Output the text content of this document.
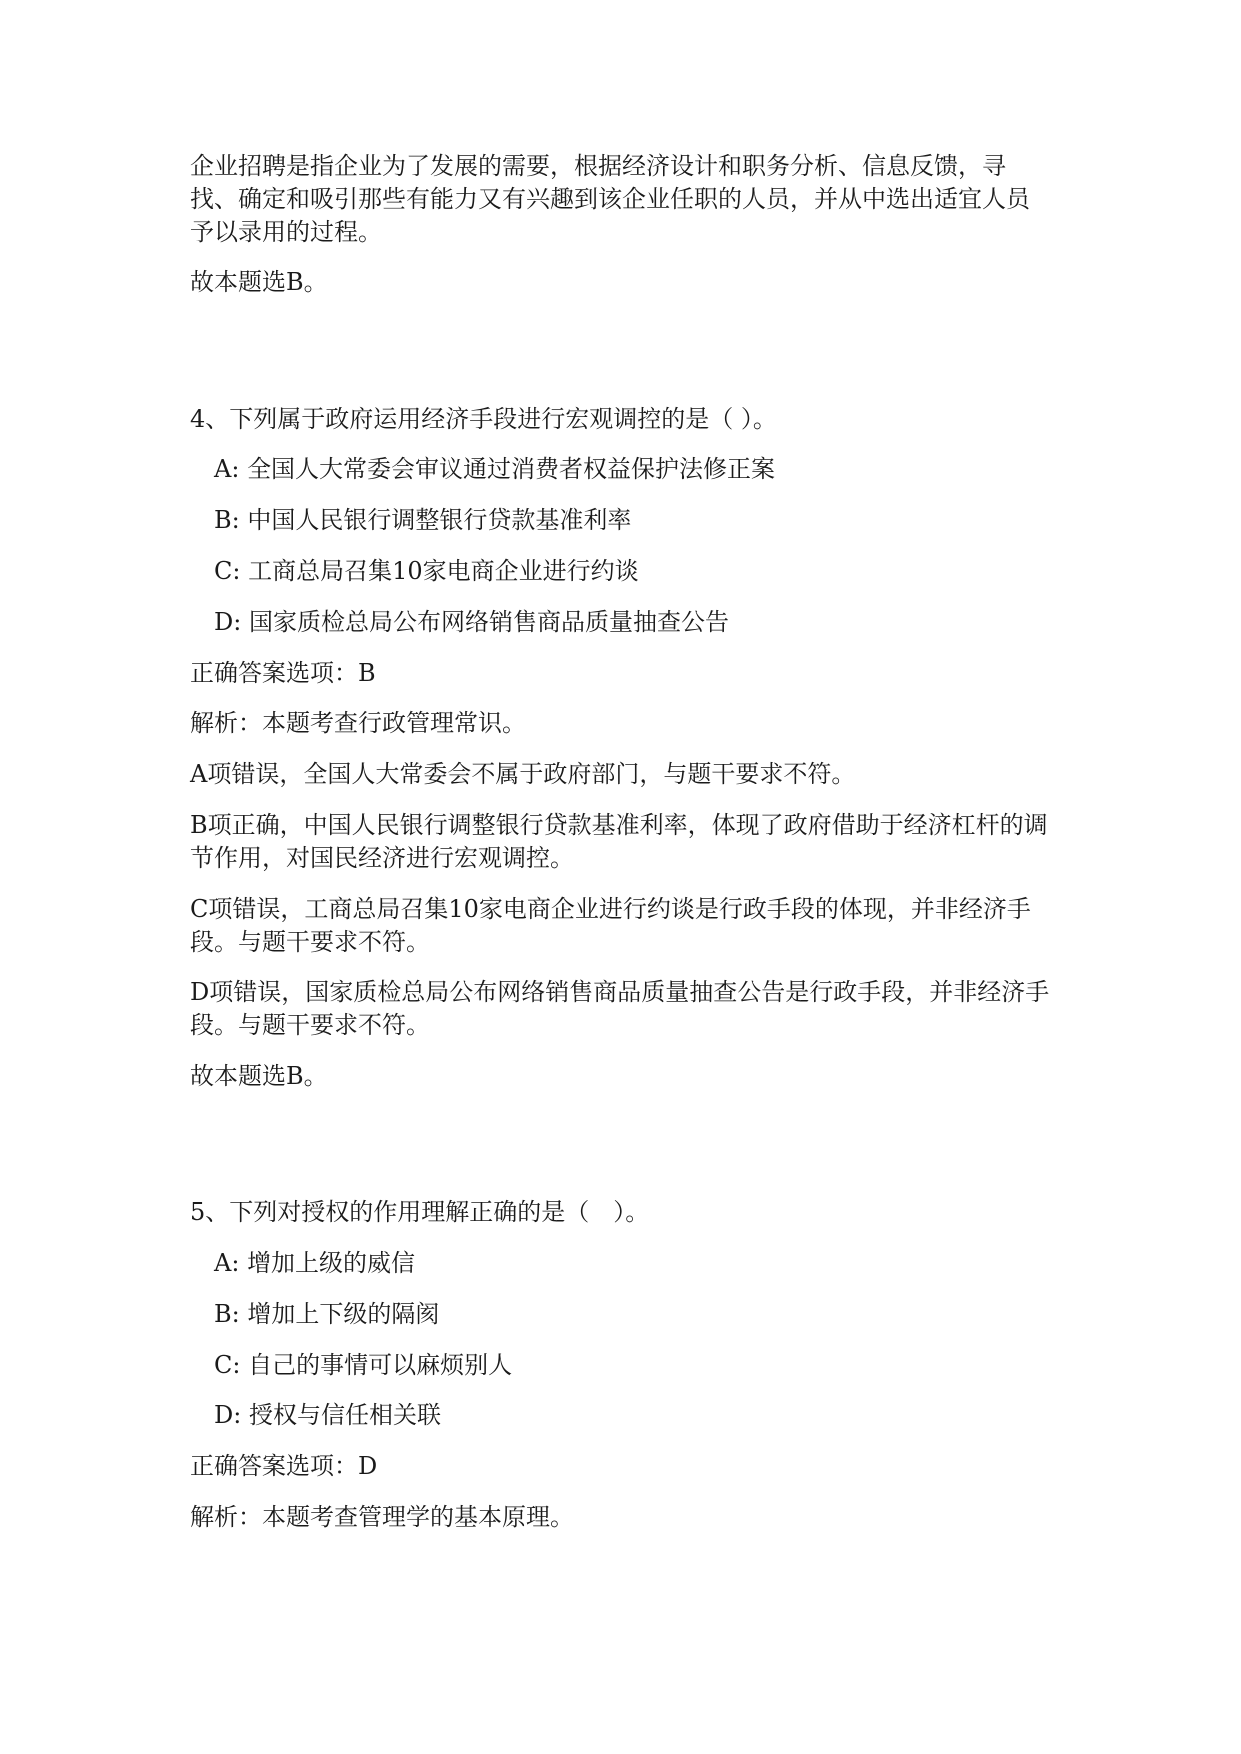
企业招聘是指企业为了发展的需要，根据经济设计和职务分析、信息反馈，寻找、确定和吸引那些有能力又有兴趣到该企业任职的人员，并从中选出适宜人员予以录用的过程。

故本题选B。

4、下列属于政府运用经济手段进行宏观调控的是（ ）。

A: 全国人大常委会审议通过消费者权益保护法修正案

B: 中国人民银行调整银行贷款基准利率

C: 工商总局召集10家电商企业进行约谈

D: 国家质检总局公布网络销售商品质量抽查公告

正确答案选项：B

解析：本题考查行政管理常识。

A项错误，全国人大常委会不属于政府部门，与题干要求不符。

B项正确，中国人民银行调整银行贷款基准利率，体现了政府借助于经济杠杆的调节作用，对国民经济进行宏观调控。

C项错误，工商总局召集10家电商企业进行约谈是行政手段的体现，并非经济手段。与题干要求不符。

D项错误，国家质检总局公布网络销售商品质量抽查公告是行政手段，并非经济手段。与题干要求不符。

故本题选B。

5、下列对授权的作用理解正确的是（　）。

A: 增加上级的威信

B: 增加上下级的隔阂

C: 自己的事情可以麻烦别人

D: 授权与信任相关联

正确答案选项：D

解析：本题考查管理学的基本原理。
